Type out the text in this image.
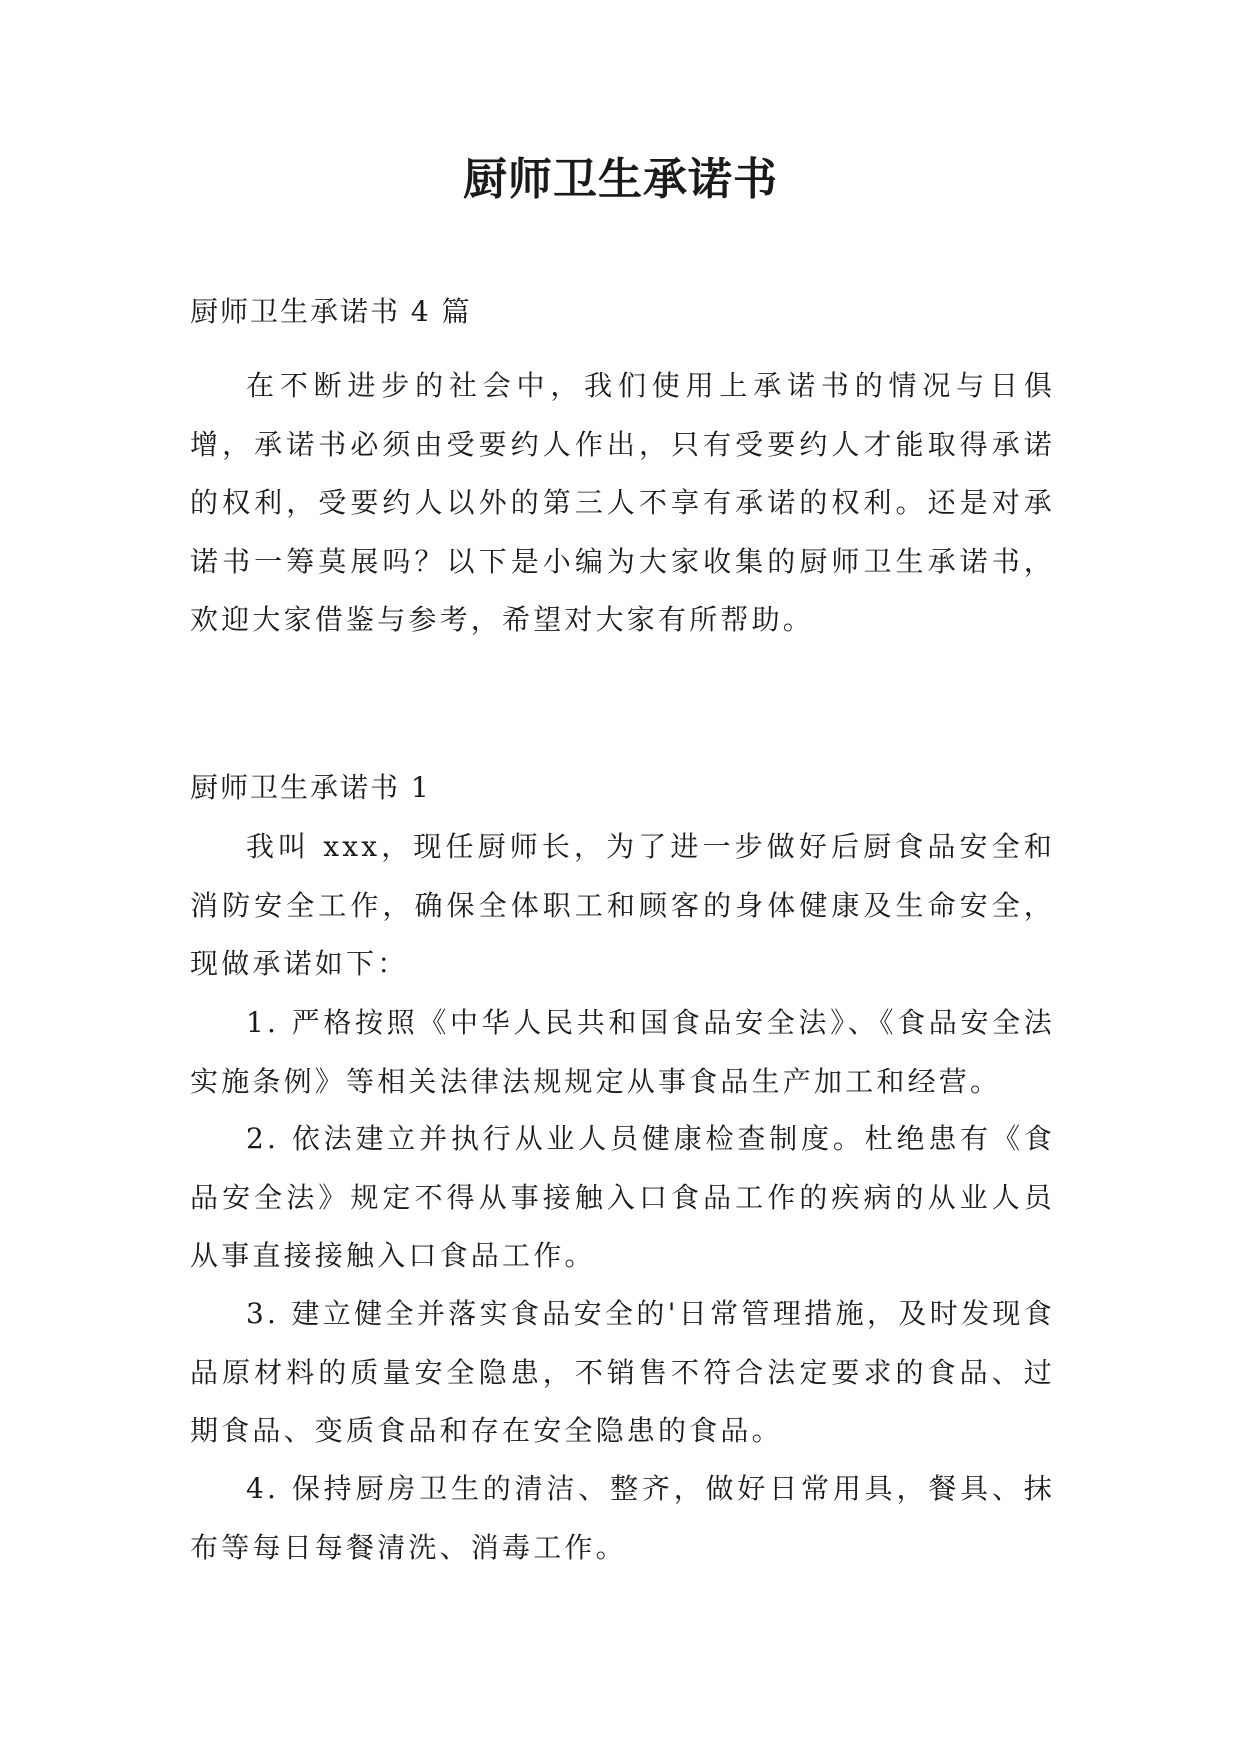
厨师卫生承诺书
厨师卫生承诺书 4 篇

在不断进步的社会中，我们使用上承诺书的情况与日俱增，承诺书必须由受要约人作出，只有受要约人才能取得承诺的权利，受要约人以外的第三人不享有承诺的权利。还是对承诺书一筹莫展吗？以下是小编为大家收集的厨师卫生承诺书，欢迎大家借鉴与参考，希望对大家有所帮助。

厨师卫生承诺书 1

我叫 xxx，现任厨师长，为了进一步做好后厨食品安全和消防安全工作，确保全体职工和顾客的身体健康及生命安全，现做承诺如下：

1. 严格按照《中华人民共和国食品安全法》、《食品安全法实施条例》等相关法律法规规定从事食品生产加工和经营。

2. 依法建立并执行从业人员健康检查制度。杜绝患有《食品安全法》规定不得从事接触入口食品工作的疾病的从业人员从事直接接触入口食品工作。

3. 建立健全并落实食品安全的'日常管理措施，及时发现食品原材料的质量安全隐患，不销售不符合法定要求的食品、过期食品、变质食品和存在安全隐患的食品。

4. 保持厨房卫生的清洁、整齐，做好日常用具，餐具、抹布等每日每餐清洗、消毒工作。
